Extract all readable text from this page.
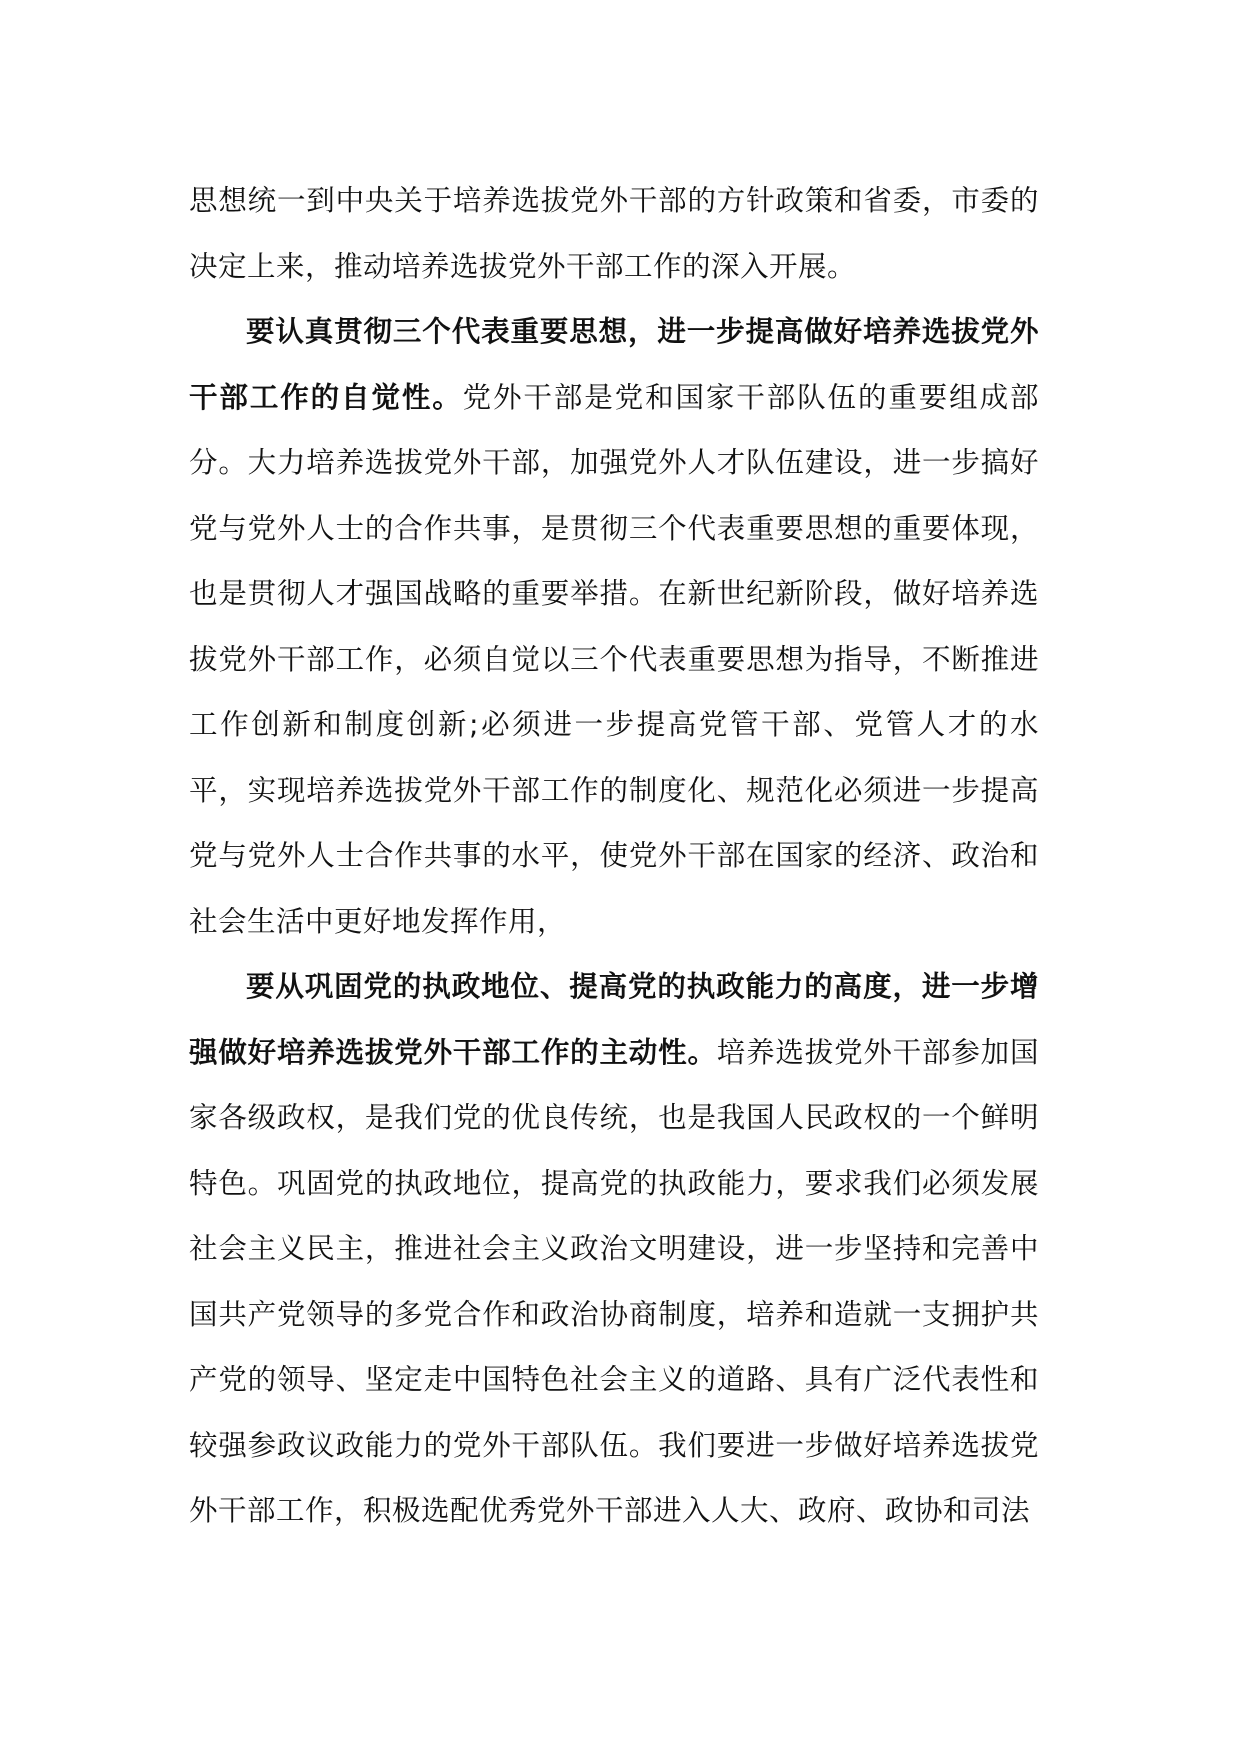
思想统一到中央关于培养选拔党外干部的方针政策和省委，市委的决定上来，推动培养选拔党外干部工作的深入开展。

要认真贯彻三个代表重要思想，进一步提高做好培养选拔党外干部工作的自觉性。党外干部是党和国家干部队伍的重要组成部分。大力培养选拔党外干部，加强党外人才队伍建设，进一步搞好党与党外人士的合作共事，是贯彻三个代表重要思想的重要体现，也是贯彻人才强国战略的重要举措。在新世纪新阶段，做好培养选拔党外干部工作，必须自觉以三个代表重要思想为指导，不断推进工作创新和制度创新;必须进一步提高党管干部、党管人才的水平，实现培养选拔党外干部工作的制度化、规范化必须进一步提高党与党外人士合作共事的水平，使党外干部在国家的经济、政治和社会生活中更好地发挥作用，

要从巩固党的执政地位、提高党的执政能力的高度，进一步增强做好培养选拔党外干部工作的主动性。培养选拔党外干部参加国家各级政权，是我们党的优良传统，也是我国人民政权的一个鲜明特色。巩固党的执政地位，提高党的执政能力，要求我们必须发展社会主义民主，推进社会主义政治文明建设，进一步坚持和完善中国共产党领导的多党合作和政治协商制度，培养和造就一支拥护共产党的领导、坚定走中国特色社会主义的道路、具有广泛代表性和较强参政议政能力的党外干部队伍。我们要进一步做好培养选拔党外干部工作，积极选配优秀党外干部进入人大、政府、政协和司法
